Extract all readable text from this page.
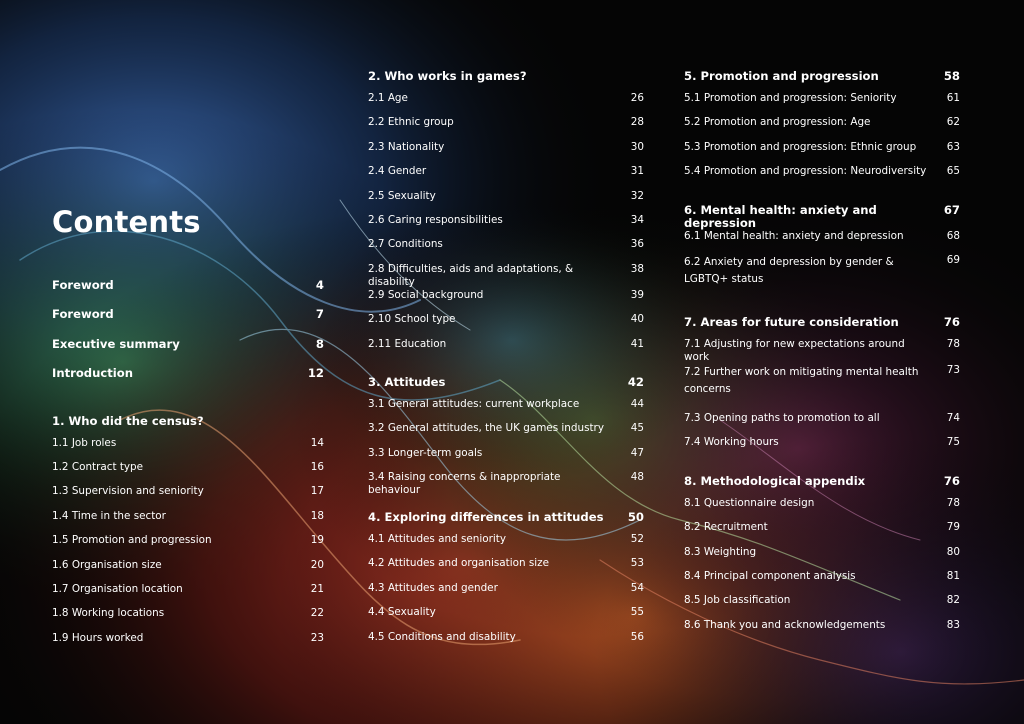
Contents
Foreword	4
Foreword	7
Executive summary	8
Introduction	12
1. Who did the census?
1.1 Job roles	14
1.2 Contract type	16
1.3 Supervision and seniority	17
1.4 Time in the sector	18
1.5 Promotion and progression	19
1.6 Organisation size	20
1.7 Organisation location	21
1.8 Working locations	22
1.9 Hours worked	23
2. Who works in games?
2.1 Age	26
2.2 Ethnic group	28
2.3 Nationality	30
2.4 Gender	31
2.5 Sexuality	32
2.6 Caring responsibilities	34
2.7 Conditions	36
2.8 Difficulties, aids and adaptations, & disability
38
2.9 Social background	39
2.10 School type	40
2.11 Education	41
3. Attitudes	42
3.1 General attitudes: current workplace	44
3.2 General attitudes, the UK games industry	45
3.3 Longer-term goals	47
3.4 Raising concerns & inappropriate behaviour
48
4. Exploring differences in attitudes	50
4.1 Attitudes and seniority	52
4.2 Attitudes and organisation size	53
4.3 Attitudes and gender	54
4.4 Sexuality	55
4.5 Conditions and disability	56
5. Promotion and progression	58
5.1 Promotion and progression: Seniority	61
5.2 Promotion and progression: Age	62
5.3 Promotion and progression: Ethnic group	63
5.4 Promotion and progression: Neurodiversity	65
6. Mental health: anxiety and depression
67
6.1 Mental health: anxiety and depression	68
6.2 Anxiety and depression by gender & LGBTQ+ status
69
7. Areas for future consideration	76
7.1 Adjusting for new expectations around work
78
7.2 Further work on mitigating mental health concerns
73
7.3 Opening paths to promotion to all	74
7.4 Working hours	75
8. Methodological appendix	76
8.1 Questionnaire design	78
8.2 Recruitment	79
8.3 Weighting	80
8.4 Principal component analysis	81
8.5 Job classification	82
8.6 Thank you and acknowledgements	83
